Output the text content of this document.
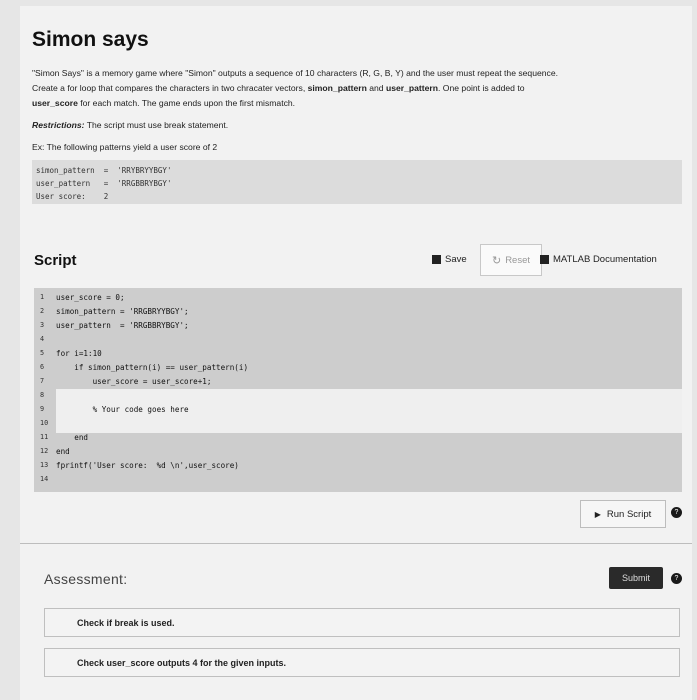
Simon says
"Simon Says" is a memory game where "Simon" outputs a sequence of 10 characters (R, G, B, Y) and the user must repeat the sequence.
Create a for loop that compares the characters in two chracater vectors, simon_pattern and user_pattern. One point is added to
user_score for each match. The game ends upon the first mismatch.
Restrictions: The script must use break statement.
Ex: The following patterns yield a user score of 2
simon_pattern  =  'RRYBRYYBGY'
user_pattern   =  'RRGBBRYBGY'
User score:    2
Script	Save ↻ Reset MATLAB Documentation
1	user_score = 0;
2	simon_pattern = 'RRGBRYYBGY';
3	user_pattern  = 'RRGBBRYBGY';
4
5	for i=1:10
6	if simon_pattern(i) == user_pattern(i)
7	user_score = user_score+1;
8
9	% Your code goes here
10
11	end
12	end
13	fprintf('User score:  %d \n',user_score)
14
▶ Run Script	?
Assessment:	Submit	?
Check if break is used.
Check user_score outputs 4 for the given inputs.
